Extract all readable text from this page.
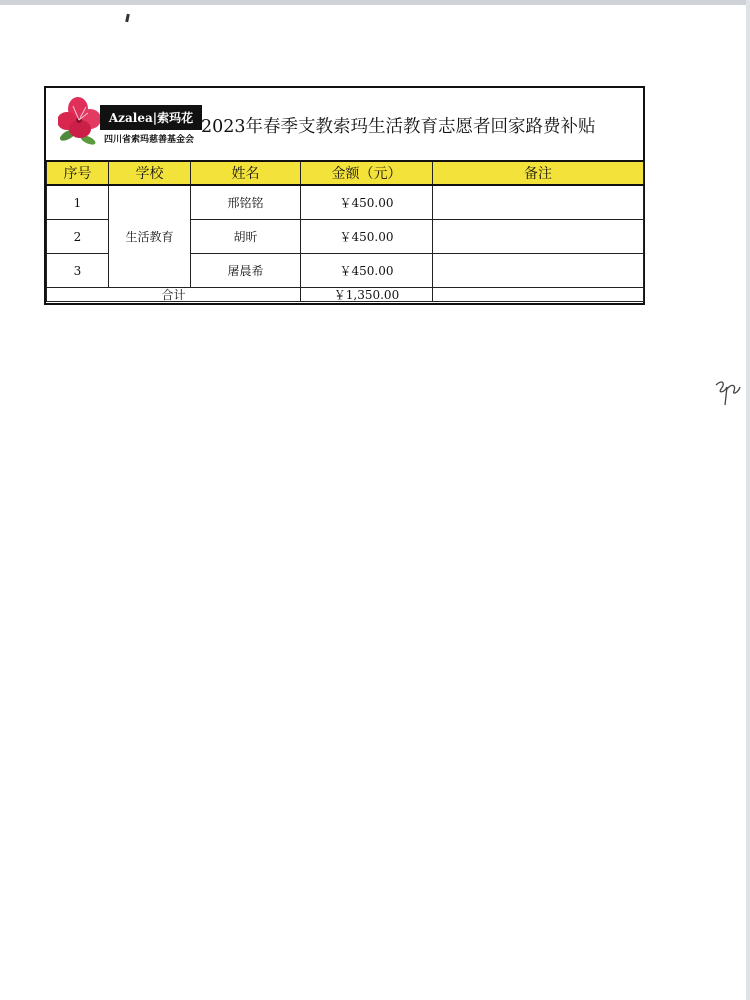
Azalea|索玛花
四川省索玛慈善基金会
2023年春季支教索玛生活教育志愿者回家路费补贴
序号	学校	姓名	金额（元）	备注
1	生活教育	邢铭铭	￥450.00	
2		胡昕	￥450.00	
3		屠晨希	￥450.00	
合计			￥1,350.00	
